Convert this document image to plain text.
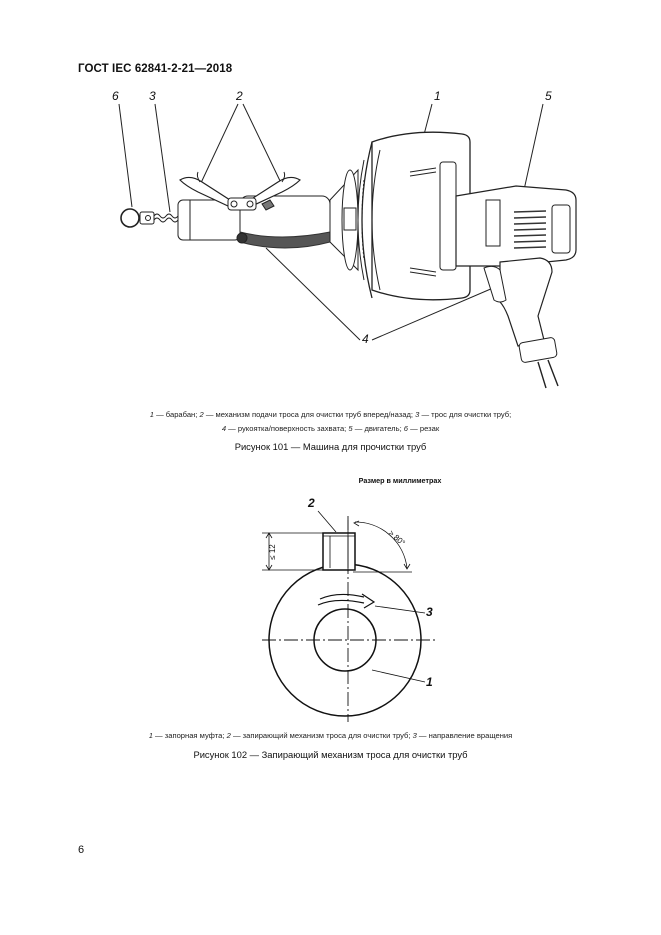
ГОСТ IEC 62841-2-21—2018
6	3	2	1	5
4
1 — барабан; 2 — механизм подачи троса для очистки труб вперед/назад; 3 — трос для очистки труб;
4 — рукоятка/поверхность захвата; 5 — двигатель; 6 — резак
Рисунок 101 — Машина для прочистки труб
Размер в миллиметрах
≤ 12
≥ 80°
2
3
1
1 — запорная муфта; 2 — запирающий механизм троса для очистки труб; 3 — направление вращения
Рисунок 102 — Запирающий механизм троса для очистки труб
6
